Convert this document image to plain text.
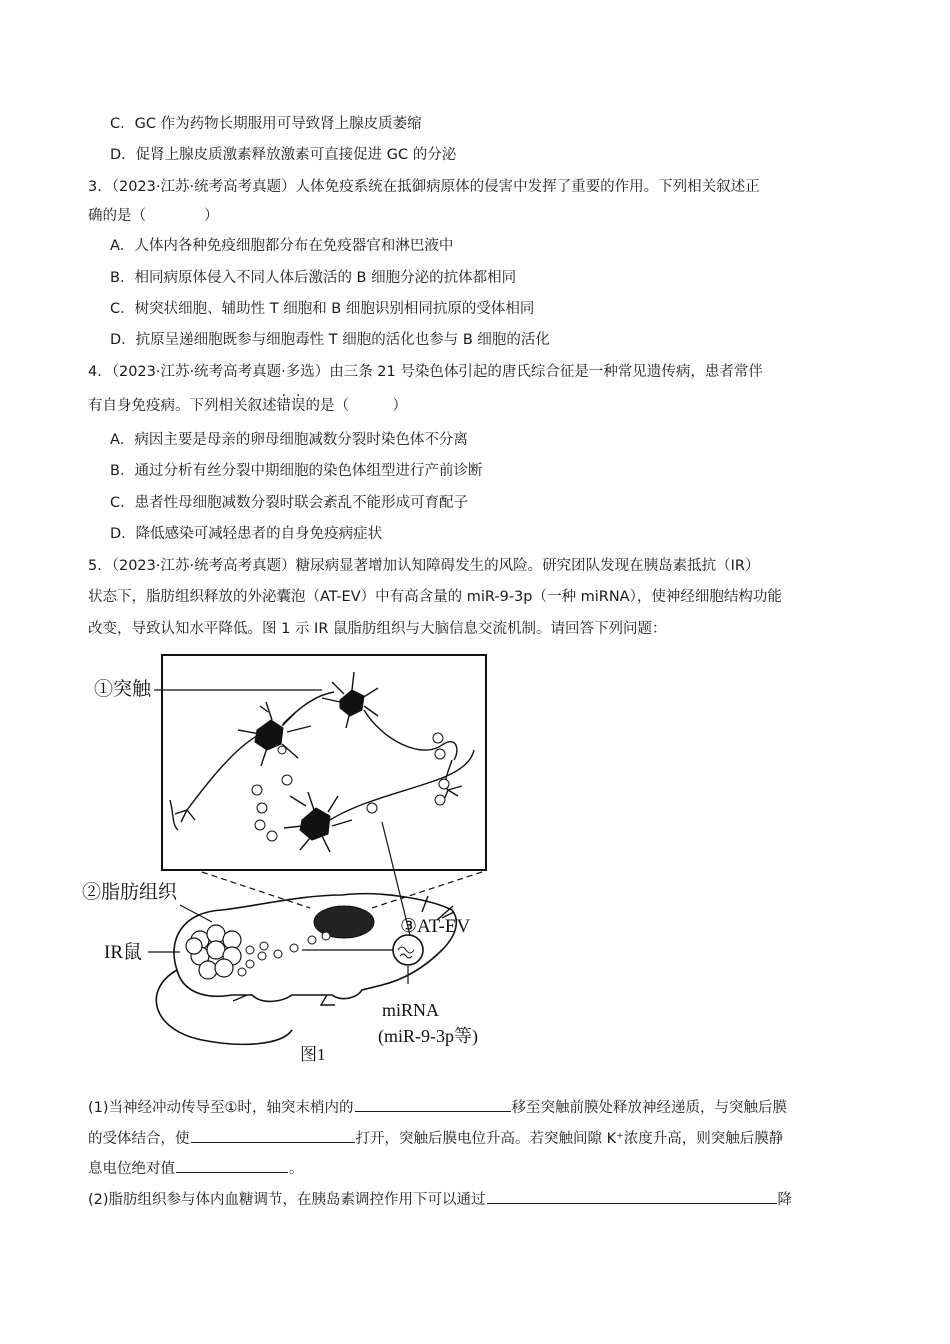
C．GC 作为药物长期服用可导致肾上腺皮质萎缩
D．促肾上腺皮质激素释放激素可直接促进 GC 的分泌
3．（2023·江苏·统考高考真题）人体免疫系统在抵御病原体的侵害中发挥了重要的作用。下列相关叙述正
确的是（　　　　）
A．人体内各种免疫细胞都分布在免疫器官和淋巴液中
B．相同病原体侵入不同人体后激活的 B 细胞分泌的抗体都相同
C．树突状细胞、辅助性 T 细胞和 B 细胞识别相同抗原的受体相同
D．抗原呈递细胞既参与细胞毒性 T 细胞的活化也参与 B 细胞的活化
4．（2023·江苏·统考高考真题·多选）由三条 21 号染色体引起的唐氏综合征是一种常见遗传病，患者常伴
有自身免疫病。下列相关叙述错误的是（　　　）
A．病因主要是母亲的卵母细胞减数分裂时染色体不分离
B．通过分析有丝分裂中期细胞的染色体组型进行产前诊断
C．患者性母细胞减数分裂时联会紊乱不能形成可育配子
D．降低感染可减轻患者的自身免疫病症状
5．（2023·江苏·统考高考真题）糖尿病显著增加认知障碍发生的风险。研究团队发现在胰岛素抵抗（IR）
状态下，脂肪组织释放的外泌囊泡（AT-EV）中有高含量的 miR-9-3p（一种 miRNA），使神经细胞结构功能
改变，导致认知水平降低。图 1 示 IR 鼠脂肪组织与大脑信息交流机制。请回答下列问题：
①突触
②脂肪组织
③AT-EV
IR鼠
miRNA
(miR-9-3p等)
图1
(1)当神经冲动传导至①时，轴突末梢内的	移至突触前膜处释放神经递质，与突触后膜
的受体结合，使	打开，突触后膜电位升高。若突触间隙 K⁺浓度升高，则突触后膜静
息电位绝对值	。
(2)脂肪组织参与体内血糖调节，在胰岛素调控作用下可以通过	降
